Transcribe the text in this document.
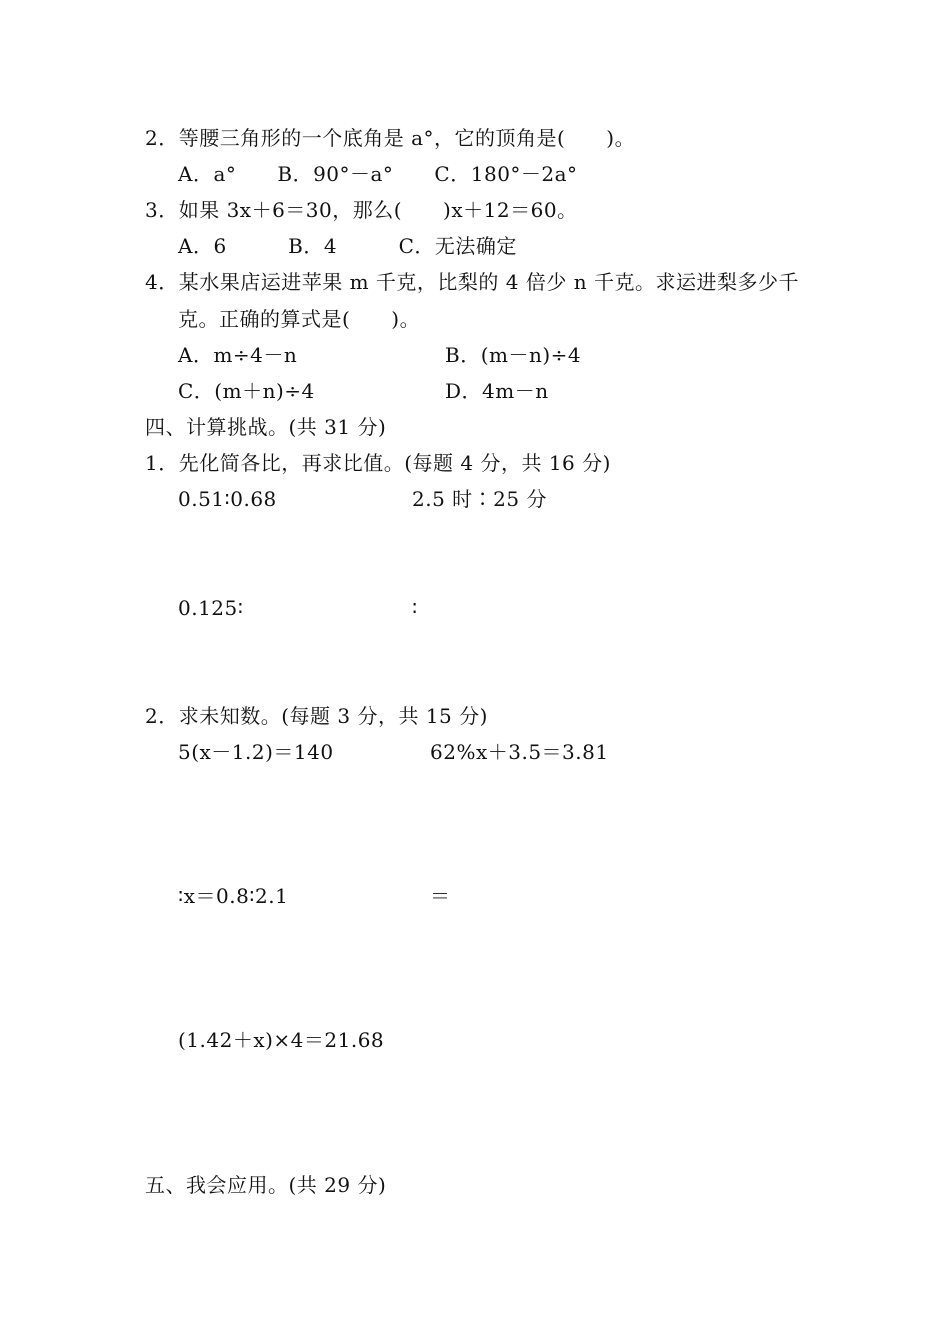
2．等腰三角形的一个底角是 a°，它的顶角是(　　)。
A．a°　　B．90°－a°　　C．180°－2a°
3．如果 3x＋6＝30，那么(　　)x＋12＝60。
A．6　　　B．4　　　C．无法确定
4．某水果店运进苹果 m 千克，比梨的 4 倍少 n 千克。求运进梨多少千
克。正确的算式是(　　)。
A．m÷4－n	B．(m－n)÷4
C．(m＋n)÷4	D．4m－n
四、计算挑战。(共 31 分)
1．先化简各比，再求比值。(每题 4 分，共 16 分)
0.51∶0.68	2.5 时∶25 分
0.125∶	∶
2．求未知数。(每题 3 分，共 15 分)
5(x－1.2)＝140	62%x＋3.5＝3.81
∶x＝0.8∶2.1	＝
(1.42＋x)×4＝21.68
五、我会应用。(共 29 分)
